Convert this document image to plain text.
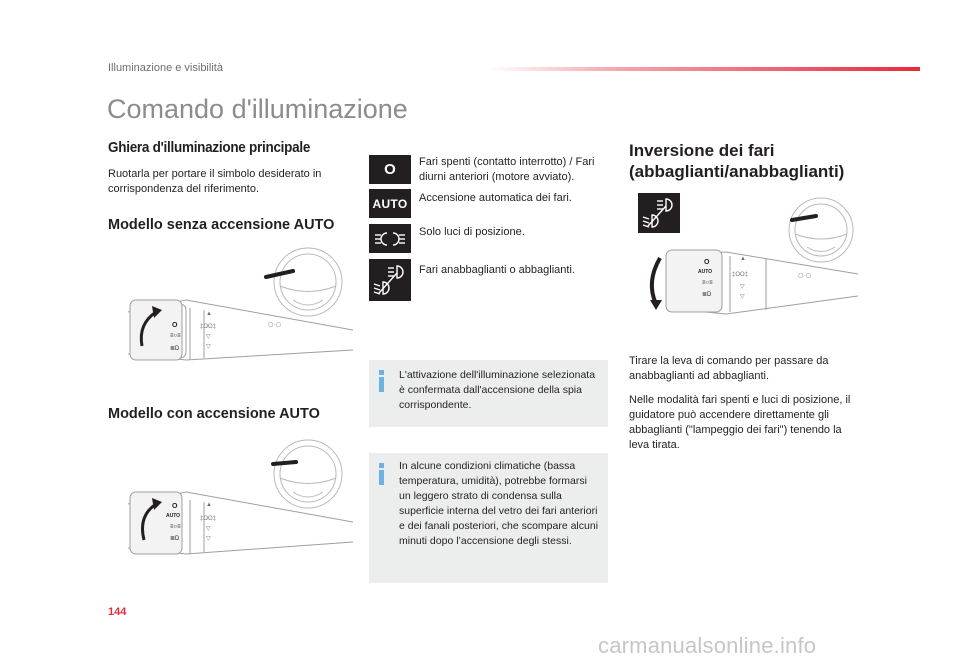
Illuminazione e visibilità
Comando d'illuminazione
Ghiera d'illuminazione principale
Ruotarla per portare il simbolo desiderato in corrispondenza del riferimento.
Modello senza accensione AUTO
O
≡○≡
≣D
▲
‡OO‡
▽
▽
O-O
Modello con accensione AUTO
O
AUTO
≡○≡
≣D
▲
‡OO‡
▽
▽
O Fari spenti (contatto interrotto) / Fari diurni anteriori (motore avviato).
AUTO Accensione automatica dei fari.
Solo luci di posizione.
Fari anabbaglianti o abbaglianti.
L'attivazione dell'illuminazione selezionata è confermata dall'accensione della spia corrispondente.
In alcune condizioni climatiche (bassa temperatura, umidità), potrebbe formarsi un leggero strato di condensa sulla superficie interna del vetro dei fari anteriori e dei fanali posteriori, che scompare alcuni minuti dopo l’accensione degli stessi.
Inversione dei fari
(abbaglianti/anabbaglianti)
O
AUTO
≡○≡
≣D
▲
‡OO‡
▽
▽
O-O
Tirare la leva di comando per passare da anabbaglianti ad abbaglianti.
Nelle modalità fari spenti e luci di posizione, il guidatore può accendere direttamente gli abbaglianti ("lampeggio dei fari") tenendo la leva tirata.
144
carmanualsonline.info
